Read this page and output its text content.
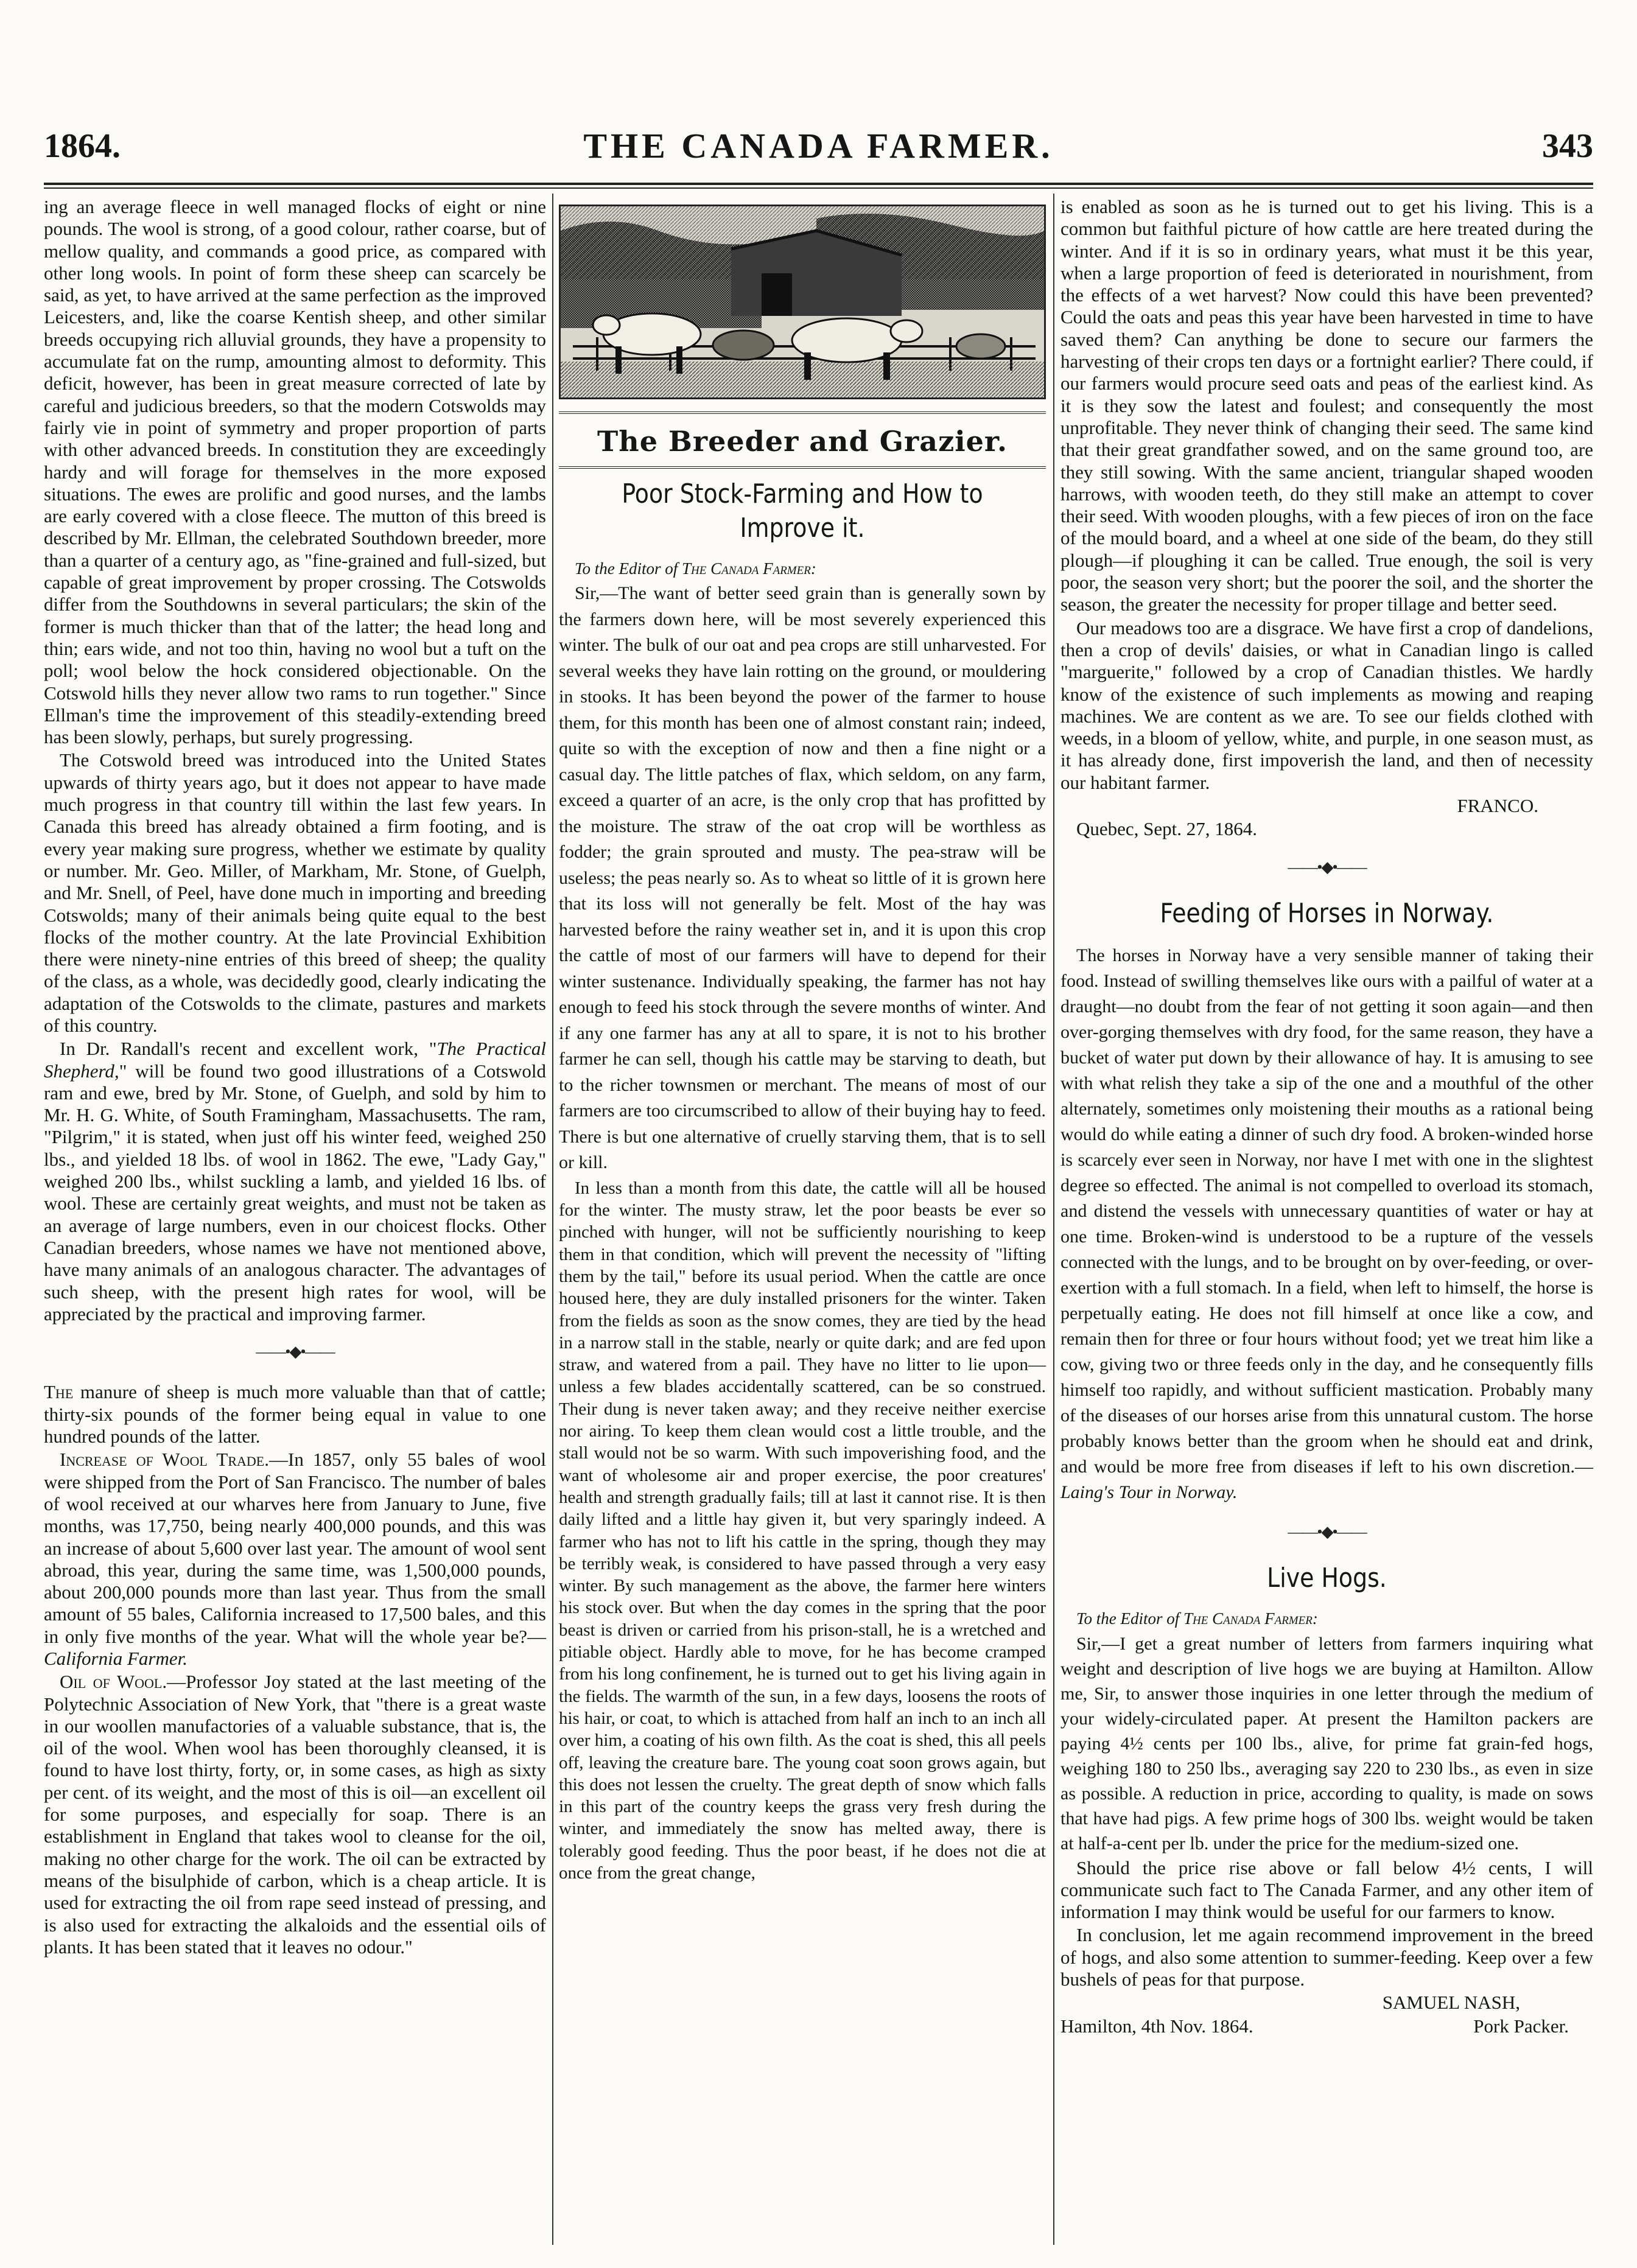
1864.	THE CANADA FARMER.	343

ing an average fleece in well managed flocks of eight or nine pounds. The wool is strong, of a good colour, rather coarse, but of mellow quality, and commands a good price, as compared with other long wools. In point of form these sheep can scarcely be said, as yet, to have arrived at the same perfection as the improved Leicesters, and, like the coarse Kentish sheep, and other similar breeds occupying rich alluvial grounds, they have a propensity to accumulate fat on the rump, amounting almost to deformity. This deficit, however, has been in great measure corrected of late by careful and judicious breeders, so that the modern Cotswolds may fairly vie in point of symmetry and proper proportion of parts with other advanced breeds. In constitution they are exceedingly hardy and will forage for themselves in the more exposed situations. The ewes are prolific and good nurses, and the lambs are early covered with a close fleece. The mutton of this breed is described by Mr. Ellman, the celebrated Southdown breeder, more than a quarter of a century ago, as "fine-grained and full-sized, but capable of great improvement by proper crossing. The Cotswolds differ from the Southdowns in several particulars; the skin of the former is much thicker than that of the latter; the head long and thin; ears wide, and not too thin, having no wool but a tuft on the poll; wool below the hock considered objectionable. On the Cotswold hills they never allow two rams to run together." Since Ellman's time the improvement of this steadily-extending breed has been slowly, perhaps, but surely progressing.

The Cotswold breed was introduced into the United States upwards of thirty years ago, but it does not appear to have made much progress in that country till within the last few years. In Canada this breed has already obtained a firm footing, and is every year making sure progress, whether we estimate by quality or number. Mr. Geo. Miller, of Markham, Mr. Stone, of Guelph, and Mr. Snell, of Peel, have done much in importing and breeding Cotswolds; many of their animals being quite equal to the best flocks of the mother country. At the late Provincial Exhibition there were ninety-nine entries of this breed of sheep; the quality of the class, as a whole, was decidedly good, clearly indicating the adaptation of the Cotswolds to the climate, pastures and markets of this country.

In Dr. Randall's recent and excellent work, "The Practical Shepherd," will be found two good illustrations of a Cotswold ram and ewe, bred by Mr. Stone, of Guelph, and sold by him to Mr. H. G. White, of South Framingham, Massachusetts. The ram, "Pilgrim," it is stated, when just off his winter feed, weighed 250 lbs., and yielded 18 lbs. of wool in 1862. The ewe, "Lady Gay," weighed 200 lbs., whilst suckling a lamb, and yielded 16 lbs. of wool. These are certainly great weights, and must not be taken as an average of large numbers, even in our choicest flocks. Other Canadian breeders, whose names we have not mentioned above, have many animals of an analogous character. The advantages of such sheep, with the present high rates for wool, will be appreciated by the practical and improving farmer.

——•◆•——

The manure of sheep is much more valuable than that of cattle; thirty-six pounds of the former being equal in value to one hundred pounds of the latter.

Increase of Wool Trade.—In 1857, only 55 bales of wool were shipped from the Port of San Francisco. The number of bales of wool received at our wharves here from January to June, five months, was 17,750, being nearly 400,000 pounds, and this was an increase of about 5,600 over last year. The amount of wool sent abroad, this year, during the same time, was 1,500,000 pounds, about 200,000 pounds more than last year. Thus from the small amount of 55 bales, California increased to 17,500 bales, and this in only five months of the year. What will the whole year be?—California Farmer.

Oil of Wool.—Professor Joy stated at the last meeting of the Polytechnic Association of New York, that "there is a great waste in our woollen manufactories of a valuable substance, that is, the oil of the wool. When wool has been thoroughly cleansed, it is found to have lost thirty, forty, or, in some cases, as high as sixty per cent. of its weight, and the most of this is oil—an excellent oil for some purposes, and especially for soap. There is an establishment in England that takes wool to cleanse for the oil, making no other charge for the work. The oil can be extracted by means of the bisulphide of carbon, which is a cheap article. It is used for extracting the oil from rape seed instead of pressing, and is also used for extracting the alkaloids and the essential oils of plants. It has been stated that it leaves no odour."

The Breeder and Grazier.
Poor Stock-Farming and How to Improve it.

To the Editor of The Canada Farmer:

Sir,—The want of better seed grain than is generally sown by the farmers down here, will be most severely experienced this winter. The bulk of our oat and pea crops are still unharvested. For several weeks they have lain rotting on the ground, or mouldering in stooks. It has been beyond the power of the farmer to house them, for this month has been one of almost constant rain; indeed, quite so with the exception of now and then a fine night or a casual day. The little patches of flax, which seldom, on any farm, exceed a quarter of an acre, is the only crop that has profitted by the moisture. The straw of the oat crop will be worthless as fodder; the grain sprouted and musty. The pea-straw will be useless; the peas nearly so. As to wheat so little of it is grown here that its loss will not generally be felt. Most of the hay was harvested before the rainy weather set in, and it is upon this crop the cattle of most of our farmers will have to depend for their winter sustenance. Individually speaking, the farmer has not hay enough to feed his stock through the severe months of winter. And if any one farmer has any at all to spare, it is not to his brother farmer he can sell, though his cattle may be starving to death, but to the richer townsmen or merchant. The means of most of our farmers are too circumscribed to allow of their buying hay to feed. There is but one alternative of cruelly starving them, that is to sell or kill.

In less than a month from this date, the cattle will all be housed for the winter. The musty straw, let the poor beasts be ever so pinched with hunger, will not be sufficiently nourishing to keep them in that condition, which will prevent the necessity of "lifting them by the tail," before its usual period. When the cattle are once housed here, they are duly installed prisoners for the winter. Taken from the fields as soon as the snow comes, they are tied by the head in a narrow stall in the stable, nearly or quite dark; and are fed upon straw, and watered from a pail. They have no litter to lie upon—unless a few blades accidentally scattered, can be so construed. Their dung is never taken away; and they receive neither exercise nor airing. To keep them clean would cost a little trouble, and the stall would not be so warm. With such impoverishing food, and the want of wholesome air and proper exercise, the poor creatures' health and strength gradually fails; till at last it cannot rise. It is then daily lifted and a little hay given it, but very sparingly indeed. A farmer who has not to lift his cattle in the spring, though they may be terribly weak, is considered to have passed through a very easy winter. By such management as the above, the farmer here winters his stock over. But when the day comes in the spring that the poor beast is driven or carried from his prison-stall, he is a wretched and pitiable object. Hardly able to move, for he has become cramped from his long confinement, he is turned out to get his living again in the fields. The warmth of the sun, in a few days, loosens the roots of his hair, or coat, to which is attached from half an inch to an inch all over him, a coating of his own filth. As the coat is shed, this all peels off, leaving the creature bare. The young coat soon grows again, but this does not lessen the cruelty. The great depth of snow which falls in this part of the country keeps the grass very fresh during the winter, and immediately the snow has melted away, there is tolerably good feeding. Thus the poor beast, if he does not die at once from the great change,

is enabled as soon as he is turned out to get his living. This is a common but faithful picture of how cattle are here treated during the winter. And if it is so in ordinary years, what must it be this year, when a large proportion of feed is deteriorated in nourishment, from the effects of a wet harvest? Now could this have been prevented? Could the oats and peas this year have been harvested in time to have saved them? Can anything be done to secure our farmers the harvesting of their crops ten days or a fortnight earlier? There could, if our farmers would procure seed oats and peas of the earliest kind. As it is they sow the latest and foulest; and consequently the most unprofitable. They never think of changing their seed. The same kind that their great grandfather sowed, and on the same ground too, are they still sowing. With the same ancient, triangular shaped wooden harrows, with wooden teeth, do they still make an attempt to cover their seed. With wooden ploughs, with a few pieces of iron on the face of the mould board, and a wheel at one side of the beam, do they still plough—if ploughing it can be called. True enough, the soil is very poor, the season very short; but the poorer the soil, and the shorter the season, the greater the necessity for proper tillage and better seed.

Our meadows too are a disgrace. We have first a crop of dandelions, then a crop of devils' daisies, or what in Canadian lingo is called "marguerite," followed by a crop of Canadian thistles. We hardly know of the existence of such implements as mowing and reaping machines. We are content as we are. To see our fields clothed with weeds, in a bloom of yellow, white, and purple, in one season must, as it has already done, first impoverish the land, and then of necessity our habitant farmer.

FRANCO.

Quebec, Sept. 27, 1864.

——•◆•——
Feeding of Horses in Norway.

The horses in Norway have a very sensible manner of taking their food. Instead of swilling themselves like ours with a pailful of water at a draught—no doubt from the fear of not getting it soon again—and then over-gorging themselves with dry food, for the same reason, they have a bucket of water put down by their allowance of hay. It is amusing to see with what relish they take a sip of the one and a mouthful of the other alternately, sometimes only moistening their mouths as a rational being would do while eating a dinner of such dry food. A broken-winded horse is scarcely ever seen in Norway, nor have I met with one in the slightest degree so effected. The animal is not compelled to overload its stomach, and distend the vessels with unnecessary quantities of water or hay at one time. Broken-wind is understood to be a rupture of the vessels connected with the lungs, and to be brought on by over-feeding, or over-exertion with a full stomach. In a field, when left to himself, the horse is perpetually eating. He does not fill himself at once like a cow, and remain then for three or four hours without food; yet we treat him like a cow, giving two or three feeds only in the day, and he consequently fills himself too rapidly, and without sufficient mastication. Probably many of the diseases of our horses arise from this unnatural custom. The horse probably knows better than the groom when he should eat and drink, and would be more free from diseases if left to his own discretion.—Laing's Tour in Norway.

——•◆•——
Live Hogs.

To the Editor of The Canada Farmer:

Sir,—I get a great number of letters from farmers inquiring what weight and description of live hogs we are buying at Hamilton. Allow me, Sir, to answer those inquiries in one letter through the medium of your widely-circulated paper. At present the Hamilton packers are paying 4½ cents per 100 lbs., alive, for prime fat grain-fed hogs, weighing 180 to 250 lbs., averaging say 220 to 230 lbs., as even in size as possible. A reduction in price, according to quality, is made on sows that have had pigs. A few prime hogs of 300 lbs. weight would be taken at half-a-cent per lb. under the price for the medium-sized one.

Should the price rise above or fall below 4½ cents, I will communicate such fact to The Canada Farmer, and any other item of information I may think would be useful for our farmers to know.

In conclusion, let me again recommend improvement in the breed of hogs, and also some attention to summer-feeding. Keep over a few bushels of peas for that purpose.

SAMUEL NASH,

Hamilton, 4th Nov. 1864.	Pork Packer.
